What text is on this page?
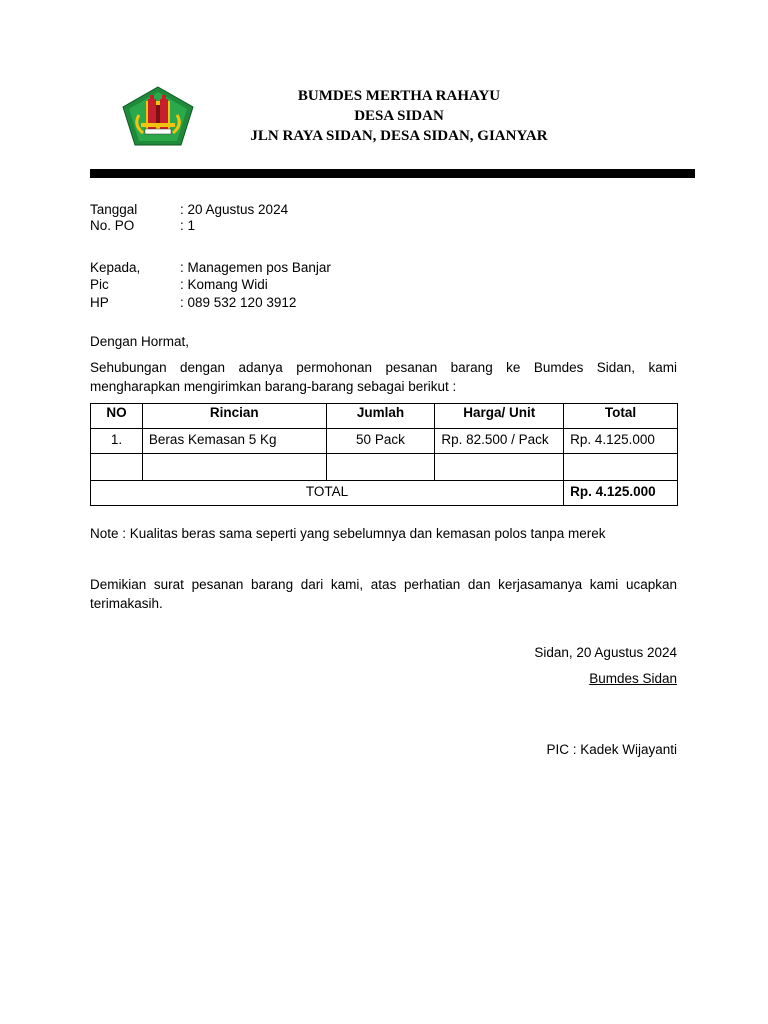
BUMDES MERTHA RAHAYU
DESA SIDAN
JLN RAYA SIDAN, DESA SIDAN, GIANYAR
Tanggal	: 20 Agustus 2024
No. PO	: 1
Kepada,	: Managemen pos Banjar
Pic	: Komang Widi
HP	: 089 532 120 3912
Dengan Hormat,
Sehubungan dengan adanya permohonan pesanan barang ke Bumdes Sidan, kami mengharapkan mengirimkan barang-barang sebagai berikut :
NO	Rincian	Jumlah	Harga/ Unit	Total
1.	Beras Kemasan 5 Kg	50 Pack	Rp. 82.500 / Pack	Rp. 4.125.000

TOTAL				Rp. 4.125.000
Note : Kualitas beras sama seperti yang sebelumnya dan kemasan polos tanpa merek
Demikian surat pesanan barang dari kami, atas perhatian dan kerjasamanya kami ucapkan terimakasih.
Sidan, 20 Agustus 2024
Bumdes Sidan
PIC : Kadek Wijayanti
